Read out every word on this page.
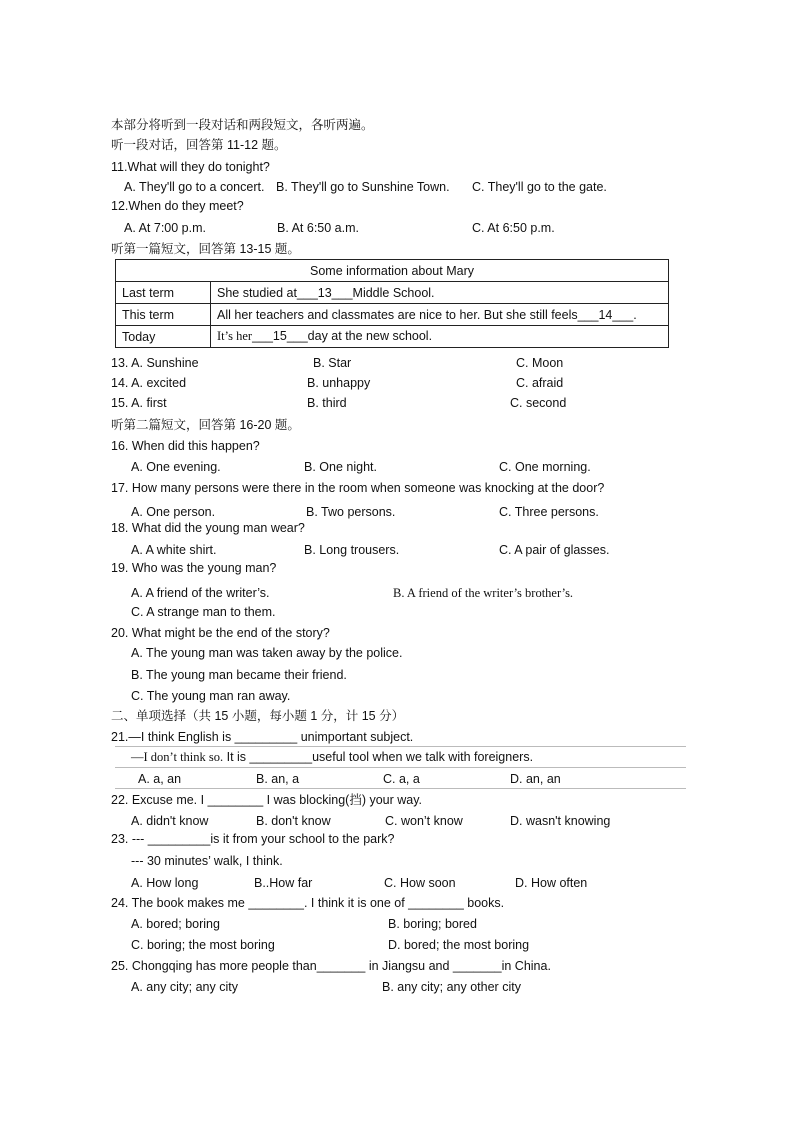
本部分将听到一段对话和两段短文，各听两遍。
听一段对话，回答第 11-12 题。
11.What will they do tonight?
A. They'll go to a concert. B. They'll go to Sunshine Town. C. They'll go to the gate.
12.When do they meet?
A. At 7:00 p.m.	B. At 6:50 a.m.	C. At 6:50 p.m.
听第一篇短文，回答第 13-15 题。
Some information about Mary	
Last term	She studied at___13___Middle School.
This term	All her teachers and classmates are nice to her. But she still feels___14___.
Today	It’s her___15___day at the new school.
13. A. Sunshine	B. Star	C. Moon
14. A. excited	B. unhappy	C. afraid
15. A. first	B. third	C. second
听第二篇短文，回答第 16-20 题。
16. When did this happen?
A. One evening.	B. One night.	C. One morning.
17. How many persons were there in the room when someone was knocking at the door?
A. One person.	B. Two persons.	C. Three persons.
18. What did the young man wear?
A. A white shirt.	B. Long trousers.	C. A pair of glasses.
19. Who was the young man?
A. A friend of the writer’s.	B. A friend of the writer’s brother’s.
C. A strange man to them.
20. What might be the end of the story?
A. The young man was taken away by the police.
B. The young man became their friend.
C. The young man ran away.
二、单项选择（共 15 小题，每小题 1 分，计 15 分）
21.—I think English is _________ unimportant subject.
—I don’t think so. It is _________useful tool when we talk with foreigners.
A. a, an	B. an, a	C. a, a	D. an, an
22. Excuse me. I ________ I was blocking(挡) your way.
A. didn't know	B. don't know	C. won’t know	D. wasn't knowing
23. --- _________is it from your school to the park?
--- 30 minutes’ walk, I think.
A. How long	B..How far	C. How soon	D. How often
24. The book makes me ________. I think it is one of ________ books.
A. bored; boring	B. boring; bored
C. boring; the most boring	D. bored; the most boring
25. Chongqing has more people than_______ in Jiangsu and _______in China.
A. any city; any city	B. any city; any other city
